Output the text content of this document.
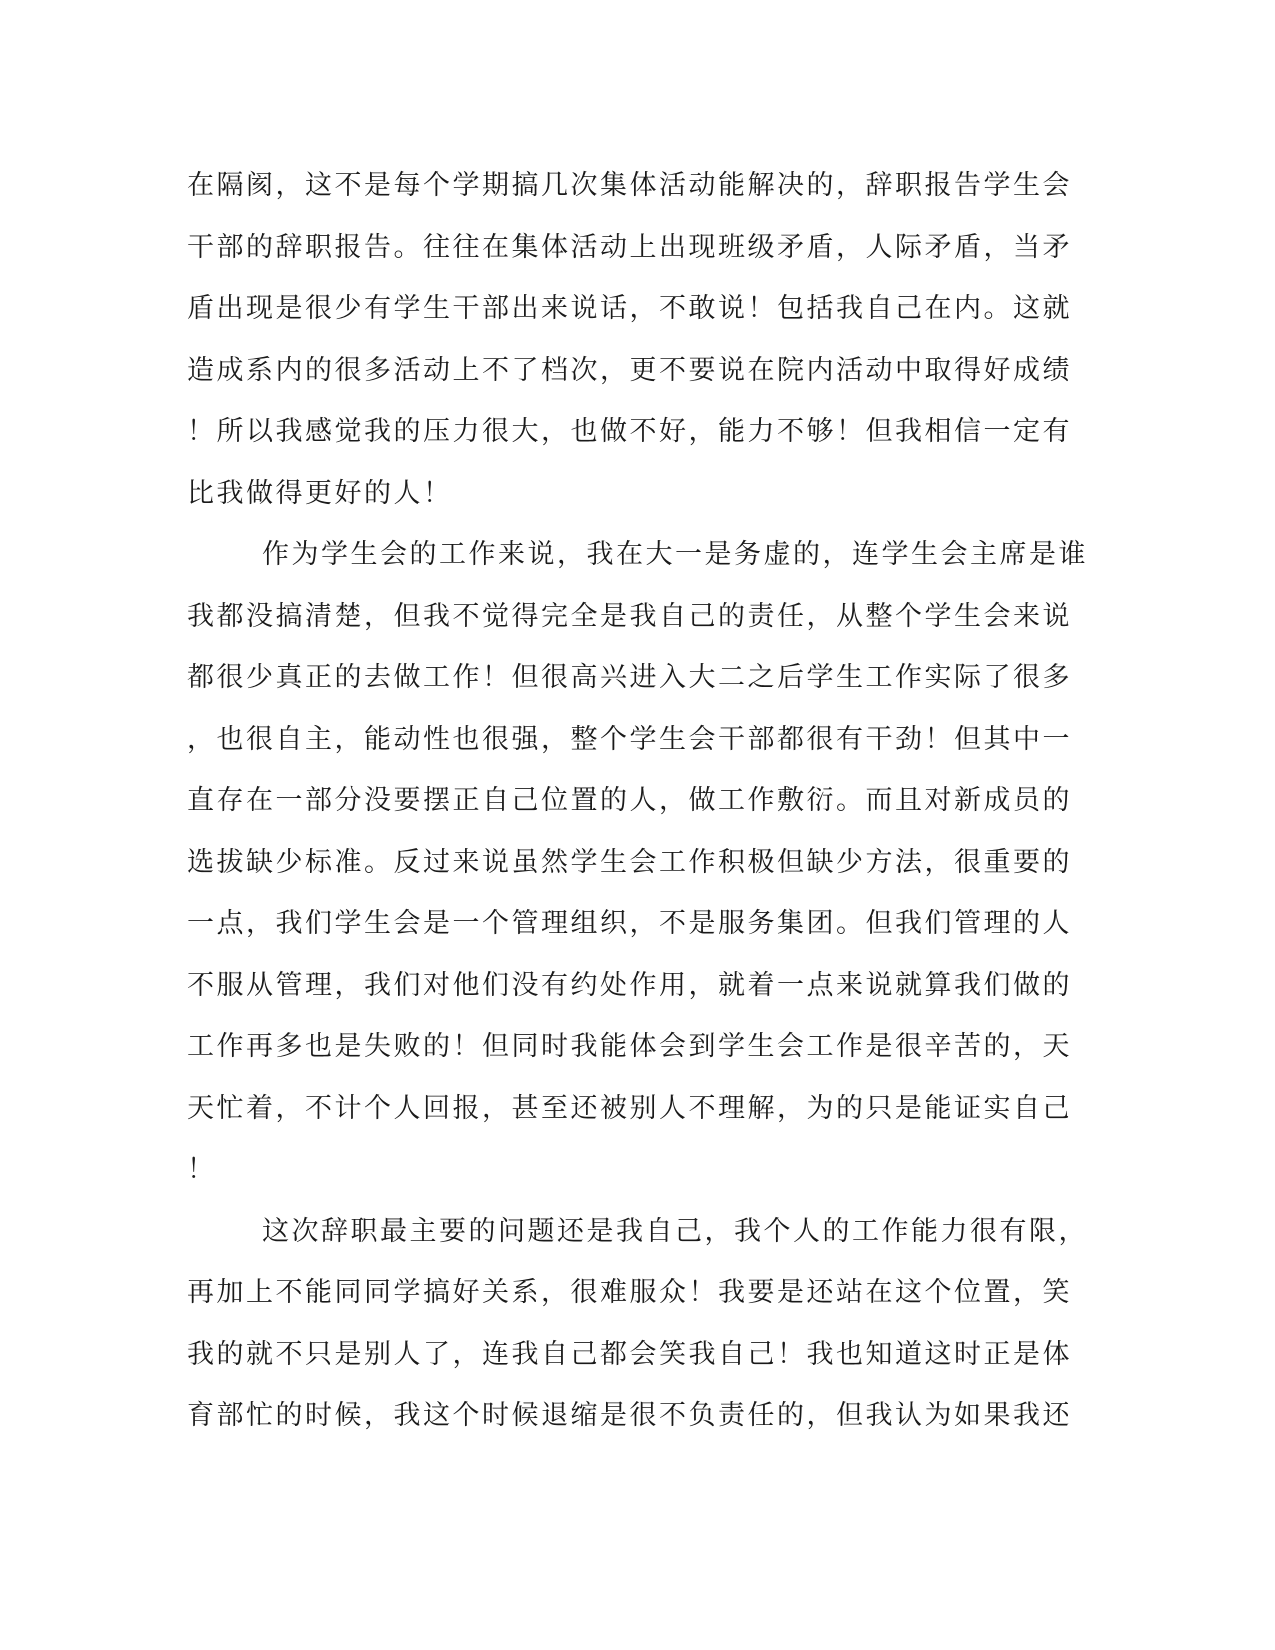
在隔阂，这不是每个学期搞几次集体活动能解决的，辞职报告学生会
干部的辞职报告。往往在集体活动上出现班级矛盾，人际矛盾，当矛
盾出现是很少有学生干部出来说话，不敢说！包括我自己在内。这就
造成系内的很多活动上不了档次，更不要说在院内活动中取得好成绩
！所以我感觉我的压力很大，也做不好，能力不够！但我相信一定有
比我做得更好的人！
作为学生会的工作来说，我在大一是务虚的，连学生会主席是谁
我都没搞清楚，但我不觉得完全是我自己的责任，从整个学生会来说
都很少真正的去做工作！但很高兴进入大二之后学生工作实际了很多
，也很自主，能动性也很强，整个学生会干部都很有干劲！但其中一
直存在一部分没要摆正自己位置的人，做工作敷衍。而且对新成员的
选拔缺少标准。反过来说虽然学生会工作积极但缺少方法，很重要的
一点，我们学生会是一个管理组织，不是服务集团。但我们管理的人
不服从管理，我们对他们没有约处作用，就着一点来说就算我们做的
工作再多也是失败的！但同时我能体会到学生会工作是很辛苦的，天
天忙着，不计个人回报，甚至还被别人不理解，为的只是能证实自己
！
这次辞职最主要的问题还是我自己，我个人的工作能力很有限，
再加上不能同同学搞好关系，很难服众！我要是还站在这个位置，笑
我的就不只是别人了，连我自己都会笑我自己！我也知道这时正是体
育部忙的时候，我这个时候退缩是很不负责任的，但我认为如果我还
